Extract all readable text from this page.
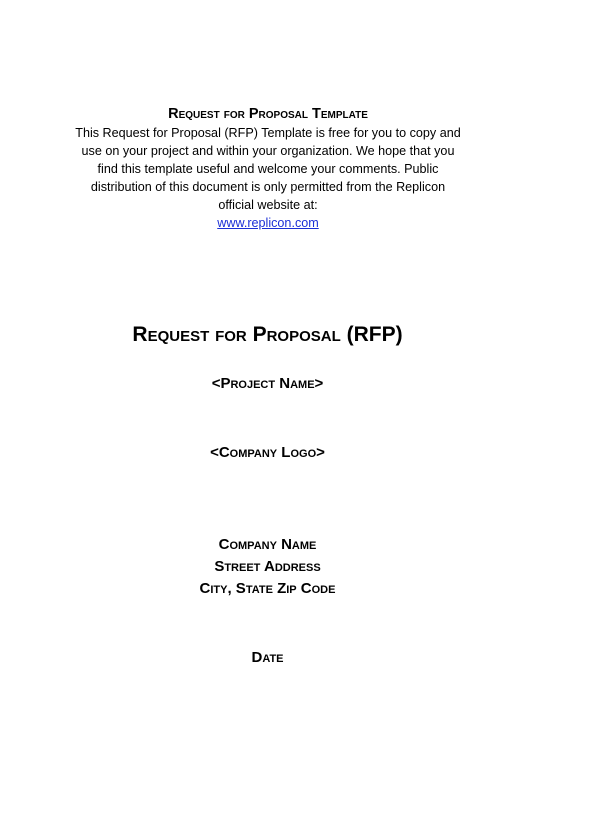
Request for Proposal Template

This Request for Proposal (RFP) Template is free for you to copy and

use on your project and within your organization. We hope that you

find this template useful and welcome your comments. Public

distribution of this document is only permitted from the Replicon

official website at:

www.replicon.com

Request for Proposal (RFP)

<Project Name>

<Company Logo>

Company Name

Street Address

City, State Zip Code

Date
